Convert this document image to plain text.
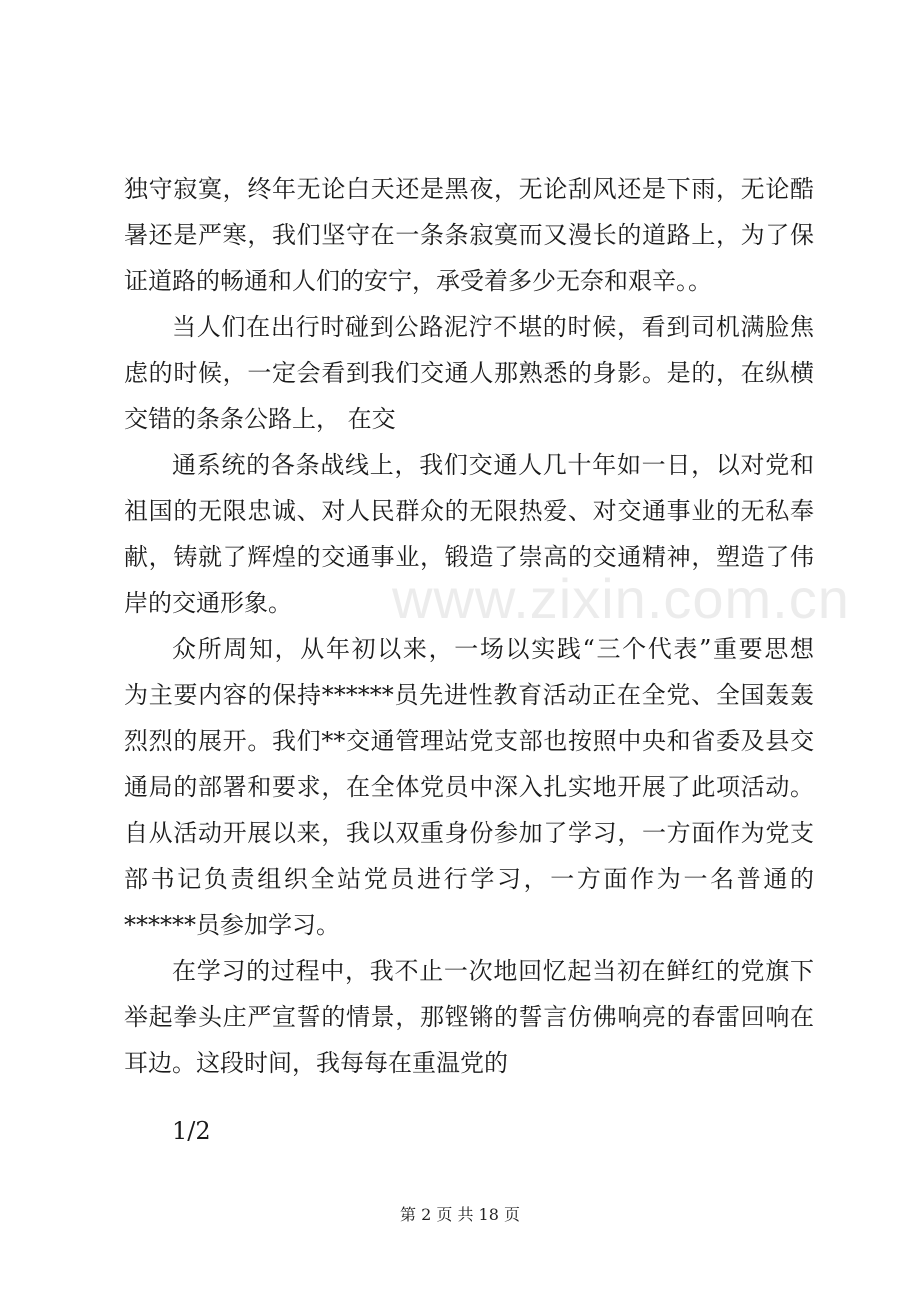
www.zixin.com.cn
独守寂寞，终年无论白天还是黑夜，无论刮风还是下雨，无论酷
暑还是严寒，我们坚守在一条条寂寞而又漫长的道路上，为了保
证道路的畅通和人们的安宁，承受着多少无奈和艰辛。。
当人们在出行时碰到公路泥泞不堪的时候，看到司机满脸焦
虑的时候，一定会看到我们交通人那熟悉的身影。是的，在纵横
交错的条条公路上， 在交
通系统的各条战线上，我们交通人几十年如一日，以对党和
祖国的无限忠诚、对人民群众的无限热爱、对交通事业的无私奉
献，铸就了辉煌的交通事业，锻造了崇高的交通精神，塑造了伟
岸的交通形象。
众所周知，从年初以来，一场以实践“三个代表”重要思想
为主要内容的保持******员先进性教育活动正在全党、全国轰轰
烈烈的展开。我们**交通管理站党支部也按照中央和省委及县交
通局的部署和要求，在全体党员中深入扎实地开展了此项活动。
自从活动开展以来，我以双重身份参加了学习，一方面作为党支
部书记负责组织全站党员进行学习，一方面作为一名普通的
******员参加学习。
在学习的过程中，我不止一次地回忆起当初在鲜红的党旗下
举起拳头庄严宣誓的情景，那铿锵的誓言仿佛响亮的春雷回响在
耳边。这段时间，我每每在重温党的
1/2
第 2 页 共 18 页
